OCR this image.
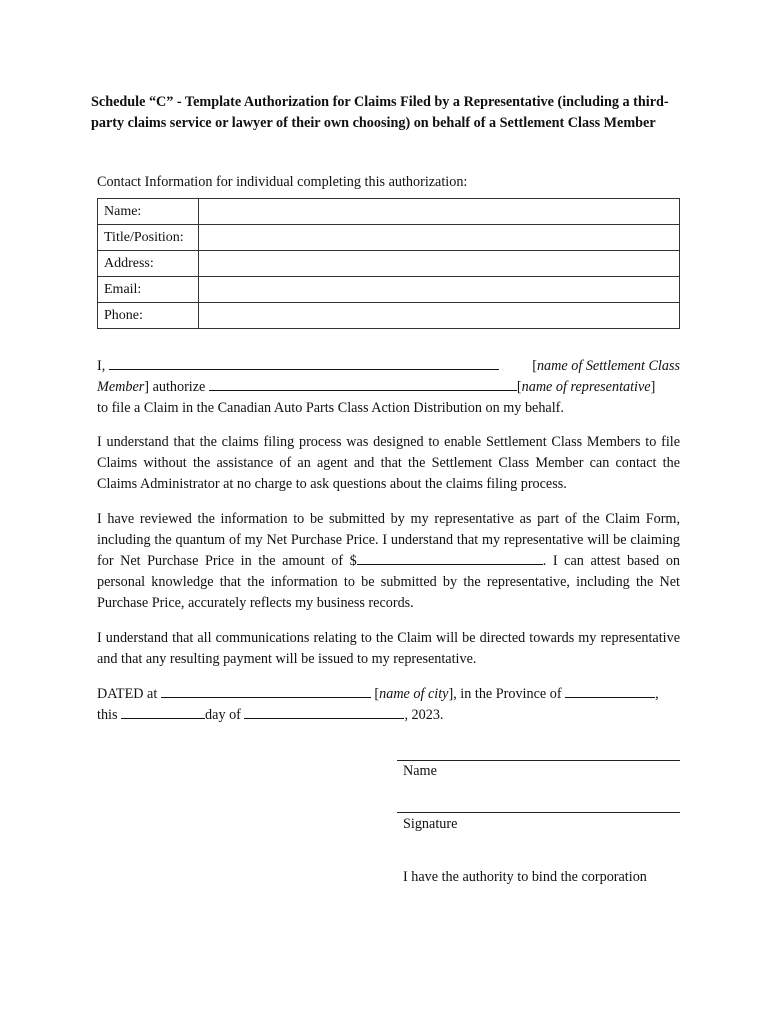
Schedule “C” - Template Authorization for Claims Filed by a Representative (including a third-party claims service or lawyer of their own choosing) on behalf of a Settlement Class Member
Contact Information for individual completing this authorization:
Name:	
Title/Position:	
Address:	
Email:	
Phone:	
I,	[name of Settlement Class
Member] authorize	[name of representative]
to file a Claim in the Canadian Auto Parts Class Action Distribution on my behalf.
I understand that the claims filing process was designed to enable Settlement Class Members to file Claims without the assistance of an agent and that the Settlement Class Member can contact the Claims Administrator at no charge to ask questions about the claims filing process.
I have reviewed the information to be submitted by my representative as part of the Claim Form, including the quantum of my Net Purchase Price. I understand that my representative will be claiming for Net Purchase Price in the amount of $	. I can attest based on personal knowledge that the information to be submitted by the representative, including the Net Purchase Price, accurately reflects my business records.
I understand that all communications relating to the Claim will be directed towards my representative and that any resulting payment will be issued to my representative.
DATED at	[name of city], in the Province of	,
this	day of	, 2023.
Name
Signature
I have the authority to bind the corporation
